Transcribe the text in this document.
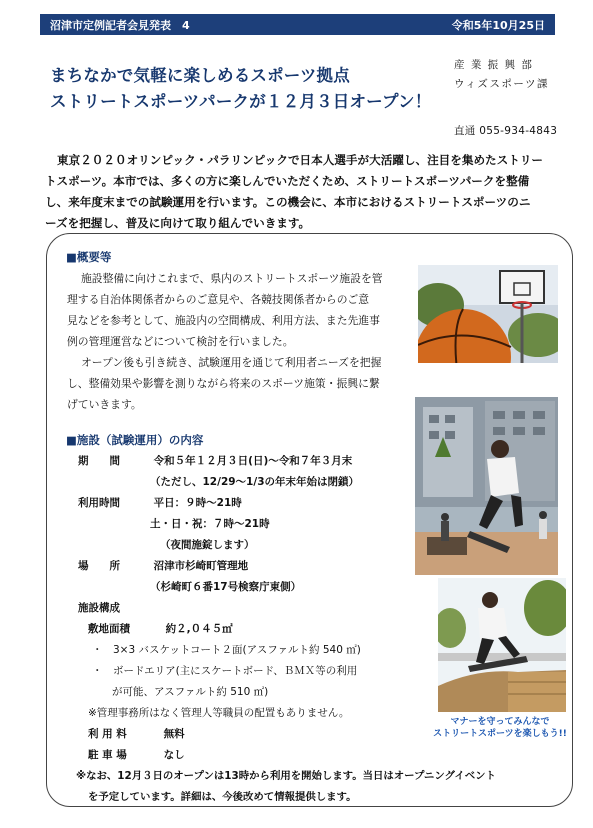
沼津市定例記者会見発表　4	令和5年10月25日
まちなかで気軽に楽しめるスポーツ拠点
ストリートスポーツパークが１２月３日オープン！
産 業 振 興 部
ウィズスポーツ課
直通 055-934-4843
東京２０２０オリンピック・パラリンピックで日本人選手が大活躍し、注目を集めたストリー
トスポーツ。本市では、多くの方に楽しんでいただくため、ストリートスポーツパークを整備
し、来年度末までの試験運用を行います。この機会に、本市におけるストリートスポーツのニ
ーズを把握し、普及に向けて取り組んでいきます。
■概要等
施設整備に向けこれまで、県内のストリートスポーツ施設を管
理する自治体関係者からのご意見や、各競技関係者からのご意
見などを参考として、施設内の空間構成、利用方法、また先進事
例の管理運営などについて検討を行いました。
オープン後も引き続き、試験運用を通じて利用者ニーズを把握
し、整備効果や影響を測りながら将来のスポーツ施策・振興に繋
げていきます。
マナーを守ってみんなで
ストリートスポーツを楽しもう!!
■施設（試験運用）の内容
期　　間	令和５年１２月３日(日)～令和７年３月末
（ただし、12/29～1/3の年末年始は閉鎖）
利用時間	平日：９時～21時
土・日・祝：７時～21時
（夜間施錠します）
場　　所	沼津市杉崎町管理地
（杉崎町６番17号検察庁東側）
施設構成
敷地面積	約２,０４５㎡
・　3×3 バスケットコート２面(アスファルト約 540 ㎡)
・　ボードエリア(主にスケートボード、ＢＭＸ等の利用
が可能、アスファルト約 510 ㎡)
※管理事務所はなく管理人等職員の配置もありません。
利 用 料	無料
駐 車 場	なし
※なお、12月３日のオープンは13時から利用を開始します。当日はオープニングイベント
を予定しています。詳細は、今後改めて情報提供します。
